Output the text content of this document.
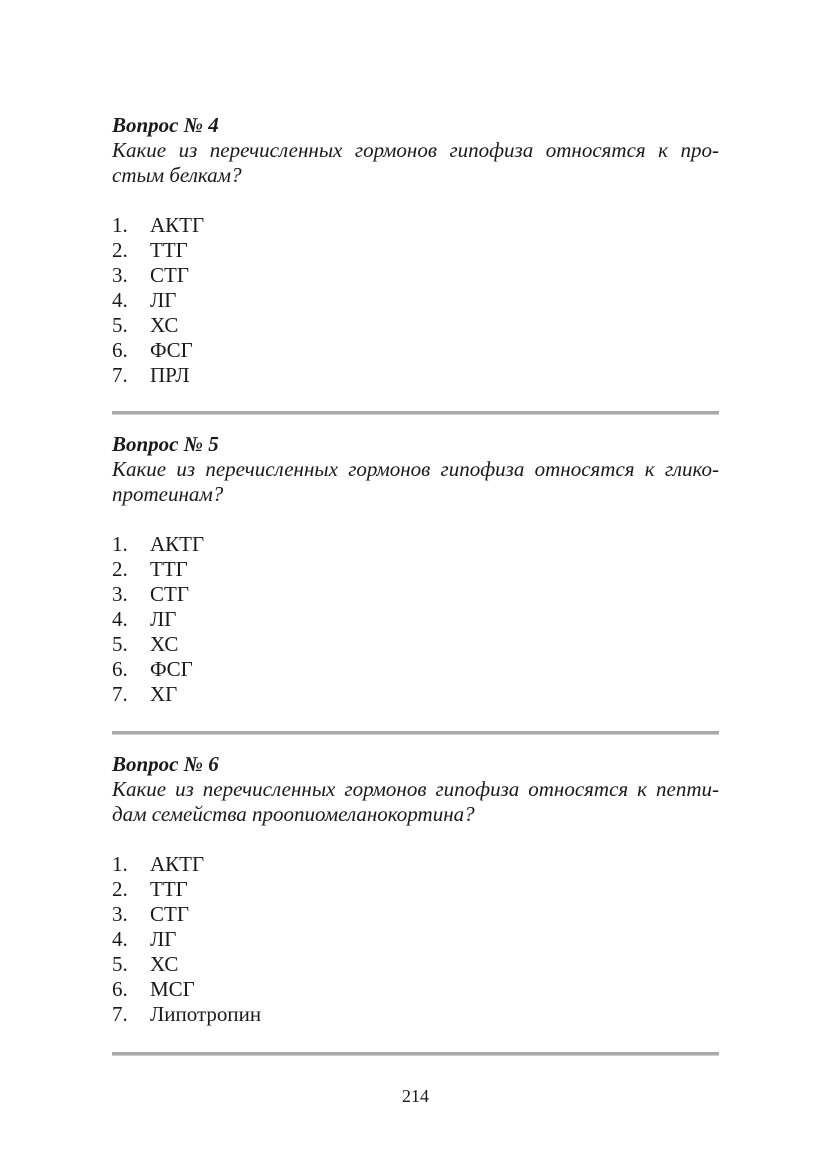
Вопрос № 4

Какие из перечисленных гормонов гипофиза относятся к про-

стым белкам?

1.	АКТГ
2.	ТТГ
3.	СТГ
4.	ЛГ
5.	ХС
6.	ФСГ
7.	ПРЛ

Вопрос № 5

Какие из перечисленных гормонов гипофиза относятся к глико-

протеинам?

1.	АКТГ
2.	ТТГ
3.	СТГ
4.	ЛГ
5.	ХС
6.	ФСГ
7.	ХГ

Вопрос № 6

Какие из перечисленных гормонов гипофиза относятся к пепти-

дам семейства проопиомеланокортина?

1.	АКТГ
2.	ТТГ
3.	СТГ
4.	ЛГ
5.	ХС
6.	МСГ
7.	Липотропин
214
